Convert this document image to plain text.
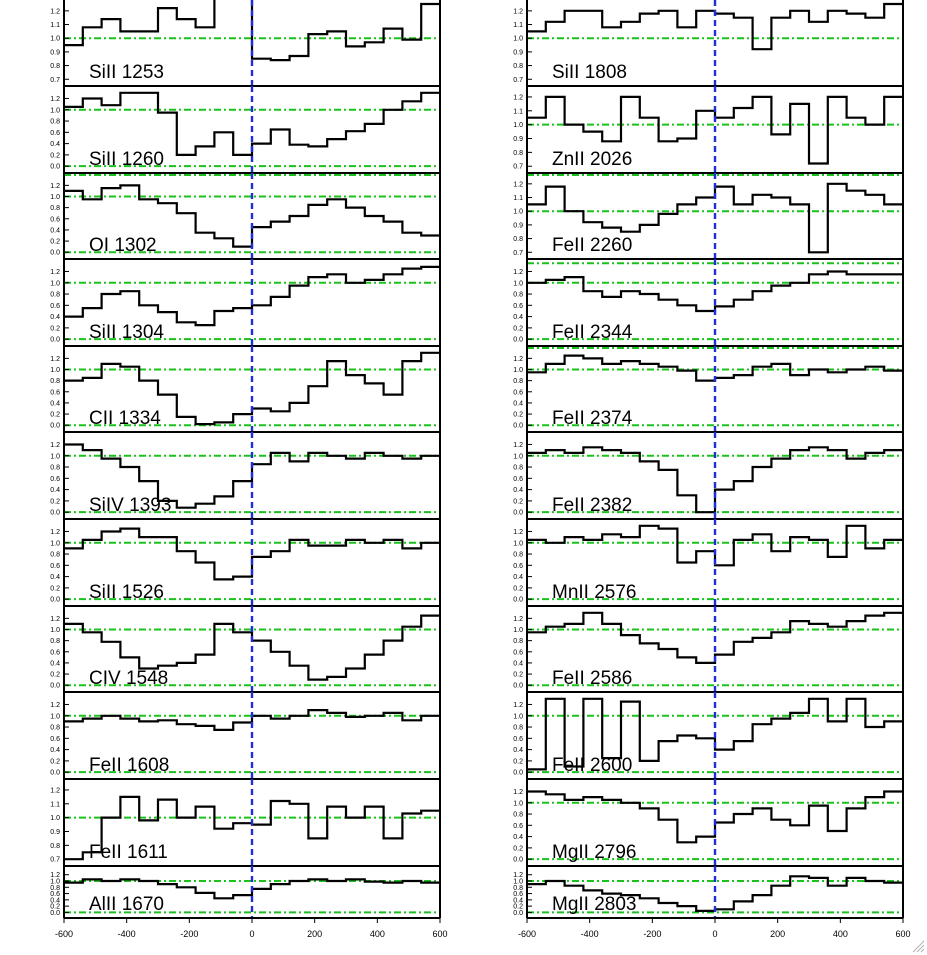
0.7
0.8
0.9
1.0
1.1
1.2
SiII 1253
0.0
0.2
0.4
0.6
0.8
1.0
1.2
SiII 1260
0.0
0.2
0.4
0.6
0.8
1.0
1.2
OI 1302
0.0
0.2
0.4
0.6
0.8
1.0
1.2
SiII 1304
0.0
0.2
0.4
0.6
0.8
1.0
1.2
CII 1334
0.0
0.2
0.4
0.6
0.8
1.0
1.2
SiIV 1393
0.0
0.2
0.4
0.6
0.8
1.0
1.2
SiII 1526
0.0
0.2
0.4
0.6
0.8
1.0
1.2
CIV 1548
0.0
0.2
0.4
0.6
0.8
1.0
1.2
FeII 1608
0.7
0.8
0.9
1.0
1.1
1.2
FeII 1611
0.0
0.2
0.4
0.6
0.8
1.0
1.2
AlII 1670
0.7
0.8
0.9
1.0
1.1
1.2
SiII 1808
0.7
0.8
0.9
1.0
1.1
1.2
ZnII 2026
0.7
0.8
0.9
1.0
1.1
1.2
FeII 2260
0.0
0.2
0.4
0.6
0.8
1.0
1.2
FeII 2344
0.0
0.2
0.4
0.6
0.8
1.0
1.2
FeII 2374
0.0
0.2
0.4
0.6
0.8
1.0
1.2
FeII 2382
0.0
0.2
0.4
0.6
0.8
1.0
1.2
MnII 2576
0.0
0.2
0.4
0.6
0.8
1.0
1.2
FeII 2586
0.0
0.2
0.4
0.6
0.8
1.0
1.2
FeII 2600
0.0
0.2
0.4
0.6
0.8
1.0
1.2
MgII 2796
0.0
0.2
0.4
0.6
0.8
1.0
1.2
MgII 2803
-600	-400	-200	0	200	400	600	-600	-400	-200	0	200	400	600
